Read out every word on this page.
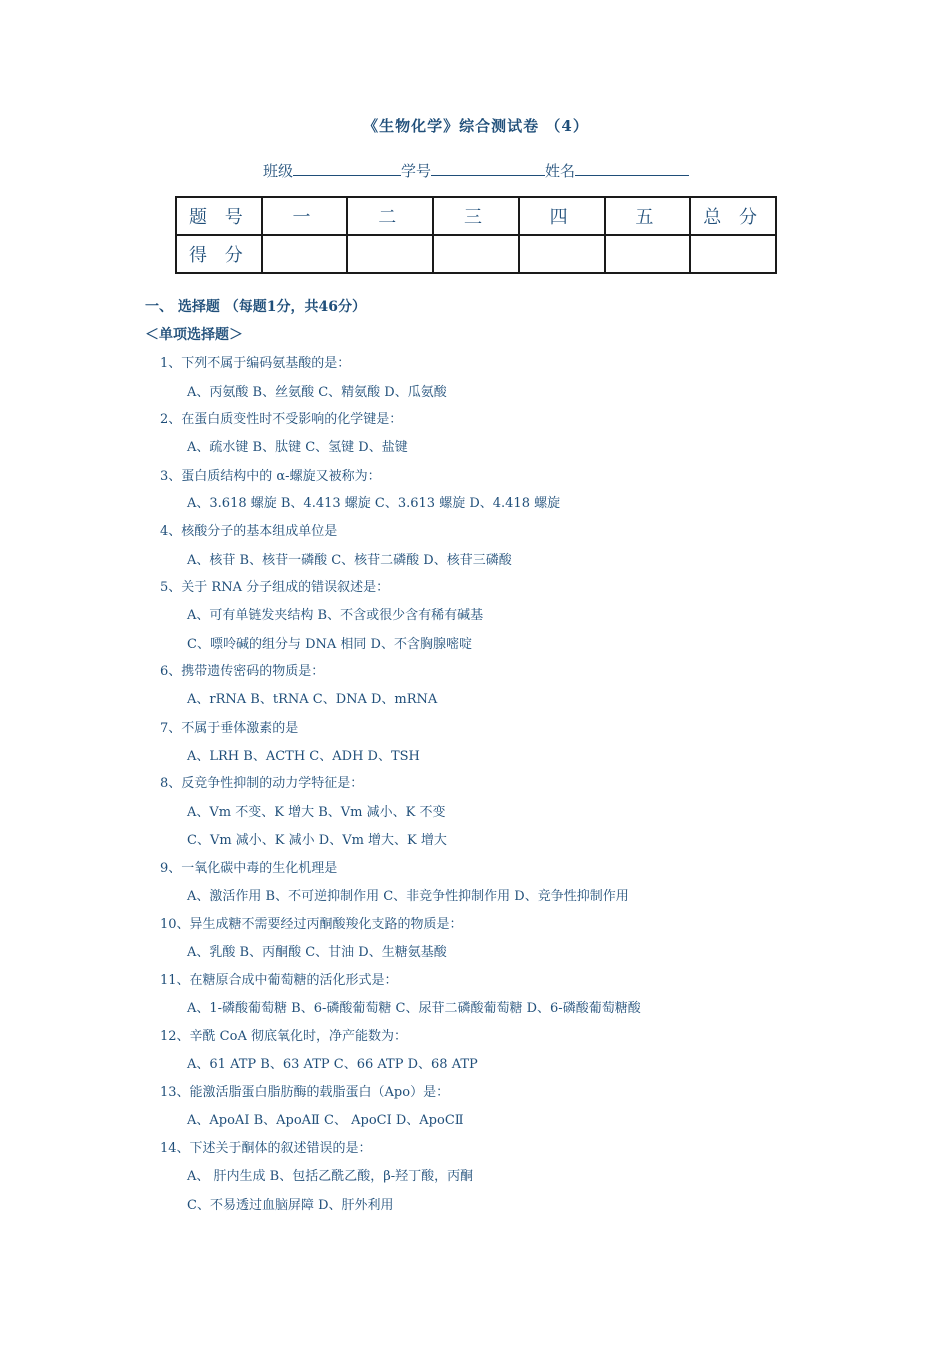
《生物化学》综合测试卷 （4）
班级	学号	姓名
题 号	一	二	三	四	五	总 分
得 分						
一、 选择题 （每题1分，共46分）
＜单项选择题＞
1、下列不属于编码氨基酸的是：
A、丙氨酸 B、丝氨酸 C、精氨酸 D、瓜氨酸
2、在蛋白质变性时不受影响的化学键是：
A、疏水键 B、肽键 C、氢键 D、盐键
3、蛋白质结构中的 α-螺旋又被称为：
A、3.618 螺旋 B、4.413 螺旋 C、3.613 螺旋 D、4.418 螺旋
4、核酸分子的基本组成单位是
A、核苷 B、核苷一磷酸 C、核苷二磷酸 D、核苷三磷酸
5、关于 RNA 分子组成的错误叙述是：
A、可有单链发夹结构 B、不含或很少含有稀有碱基
C、嘌呤碱的组分与 DNA 相同 D、不含胸腺嘧啶
6、携带遗传密码的物质是：
A、rRNA B、tRNA C、DNA D、mRNA
7、不属于垂体激素的是
A、LRH B、ACTH C、ADH D、TSH
8、反竞争性抑制的动力学特征是：
A、Vm 不变、K 增大 B、Vm 减小、K 不变
C、Vm 减小、K 减小 D、Vm 增大、K 增大
9、一氧化碳中毒的生化机理是
A、激活作用 B、不可逆抑制作用 C、非竞争性抑制作用 D、竞争性抑制作用
10、异生成糖不需要经过丙酮酸羧化支路的物质是：
A、乳酸 B、丙酮酸 C、甘油 D、生糖氨基酸
11、在糖原合成中葡萄糖的活化形式是：
A、1-磷酸葡萄糖 B、6-磷酸葡萄糖 C、尿苷二磷酸葡萄糖 D、6-磷酸葡萄糖酸
12、辛酰 CoA 彻底氧化时，净产能数为：
A、61 ATP B、63 ATP C、66 ATP D、68 ATP
13、能激活脂蛋白脂肪酶的载脂蛋白（Apo）是：
A、ApoAⅠ B、ApoAⅡ C、 ApoCⅠ D、ApoCⅡ
14、下述关于酮体的叙述错误的是：
A、 肝内生成 B、包括乙酰乙酸，β-羟丁酸，丙酮
C、不易透过血脑屏障 D、肝外利用
